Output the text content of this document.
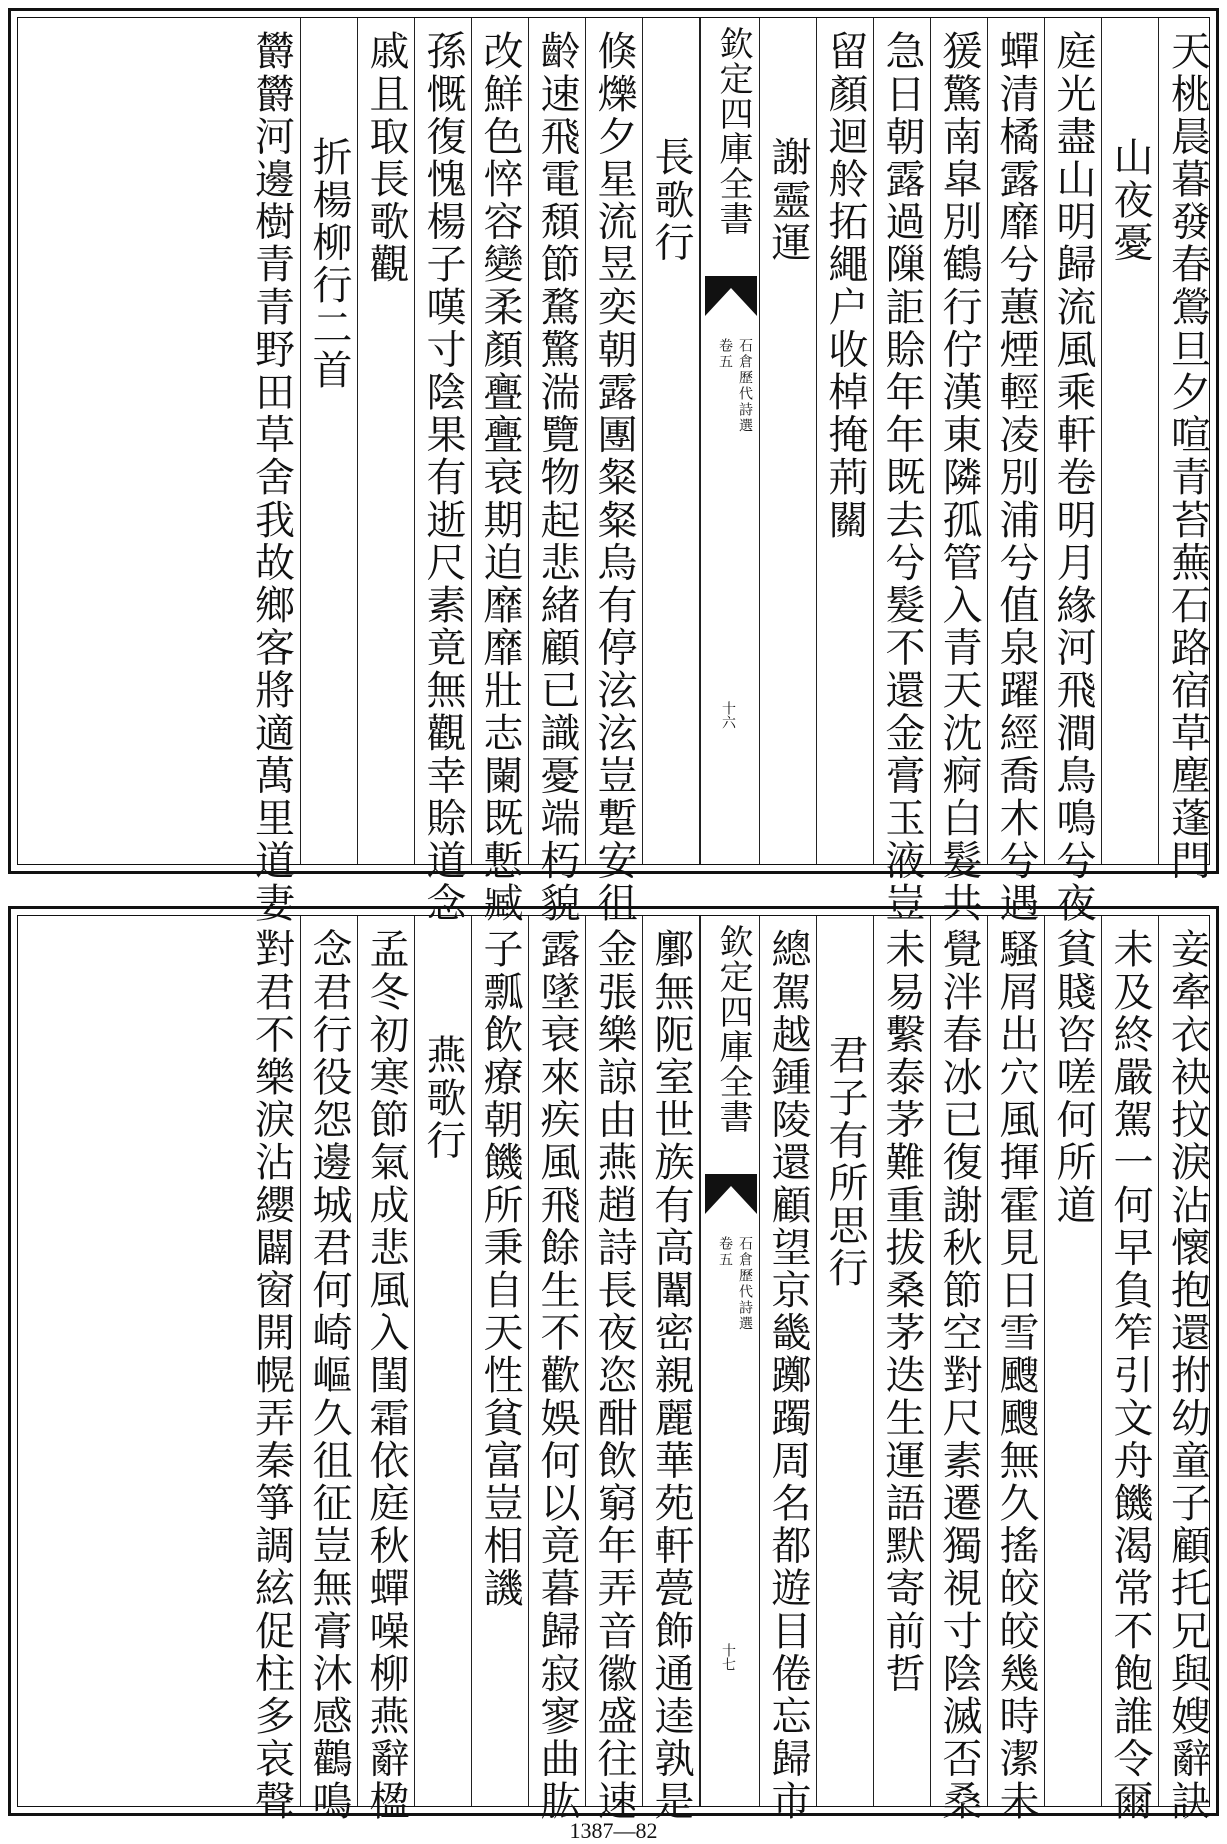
天桃晨暮發春鶯旦夕喧青苔蕪石路宿草塵蓬門
山夜憂
庭光盡山明歸流風乘軒卷明月緣河飛澗鳥鳴兮夜
蟬清橘露靡兮蕙煙輕凌別浦兮值泉躍經喬木兮遇
猨驚南皐別鶴行佇漢東隣孤管入青天沈痾白髮共
急日朝露過隟詎賒年年既去兮髮不還金膏玉液豈
留顏迴舲拓繩户收棹掩荊關
謝靈運
欽定四庫全書
石倉歷代詩選
卷五
十六
長歌行
倏爍夕星流昱奕朝露團粲粲烏有停泫泫豈蹔安徂
齡速飛電頹節騖驚湍覽物起悲緒顧已識憂端朽貌
改鮮色悴容變柔顏亹亹衰期迫靡靡壯志闌既慙臧
孫慨復愧楊子嘆寸陰果有逝尺素竟無觀幸賒道念
戚且取長歌觀
折楊柳行二首
欝欝河邊樹青青野田草舍我故鄉客將適萬里道妻
妾牽衣袂抆淚沾懷抱還拊幼童子顧托兄與嫂辭訣
未及終嚴駕一何早負笮引文舟饑渴常不飽誰令爾
貧賤咨嗟何所道
騷屑出穴風揮霍見日雪颼颼無久搖皎皎幾時潔未
覺泮春冰已復謝秋節空對尺素遷獨視寸陰滅否桑
未易繫泰茅難重拔桑茅迭生運語默寄前哲
君子有所思行
總駕越鍾陵還顧望京畿躑躅周名都遊目倦忘歸市
欽定四庫全書
石倉歷代詩選
卷五
十七
鄽無阨室世族有高闈密親麗華苑軒甍飾通逵孰是
金張樂諒由燕趙詩長夜恣酣飲窮年弄音徽盛往速
露墜衰來疾風飛餘生不歡娛何以竟暮歸寂寥曲肱
子瓢飲療朝饑所秉自天性貧富豈相譏
燕歌行
孟冬初寒節氣成悲風入閨霜依庭秋蟬噪柳燕辭楹
念君行役怨邊城君何崎嶇久徂征豈無膏沐感鸛鳴
對君不樂淚沾纓闢窗開幌弄秦箏調絃促柱多哀聲
1387—82
